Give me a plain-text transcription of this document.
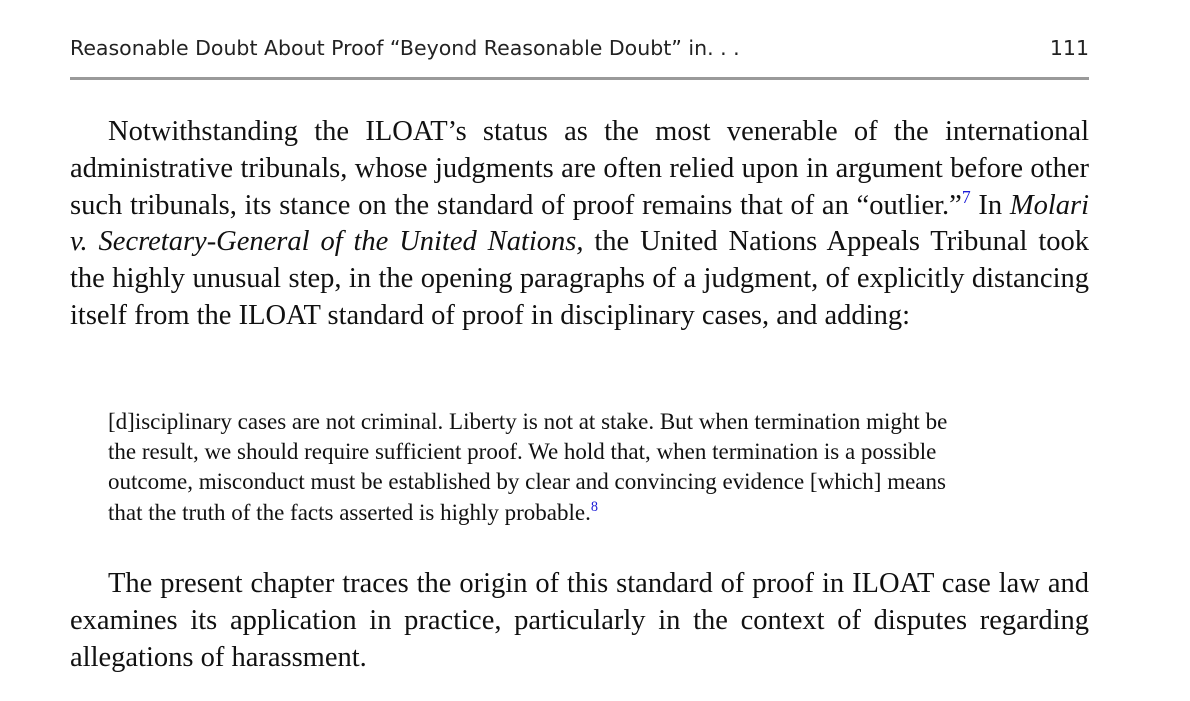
Reasonable Doubt About Proof “Beyond Reasonable Doubt” in. . .	111

Notwithstanding the ILOAT’s status as the most venerable of the international administrative tribunals, whose judgments are often relied upon in argument before other such tribunals, its stance on the standard of proof remains that of an “outlier.”$^7$ In Molari v. Secretary-General of the United Nations, the United Nations Appeals Tribunal took the highly unusual step, in the opening paragraphs of a judgment, of explicitly distancing itself from the ILOAT standard of proof in disciplinary cases, and adding:

[d]isciplinary cases are not criminal. Liberty is not at stake. But when termination might be
the result, we should require sufficient proof. We hold that, when termination is a possible
outcome, misconduct must be established by clear and convincing evidence [which] means
that the truth of the facts asserted is highly probable.$^8$

The present chapter traces the origin of this standard of proof in ILOAT case law and examines its application in practice, particularly in the context of disputes regarding allegations of harassment.
